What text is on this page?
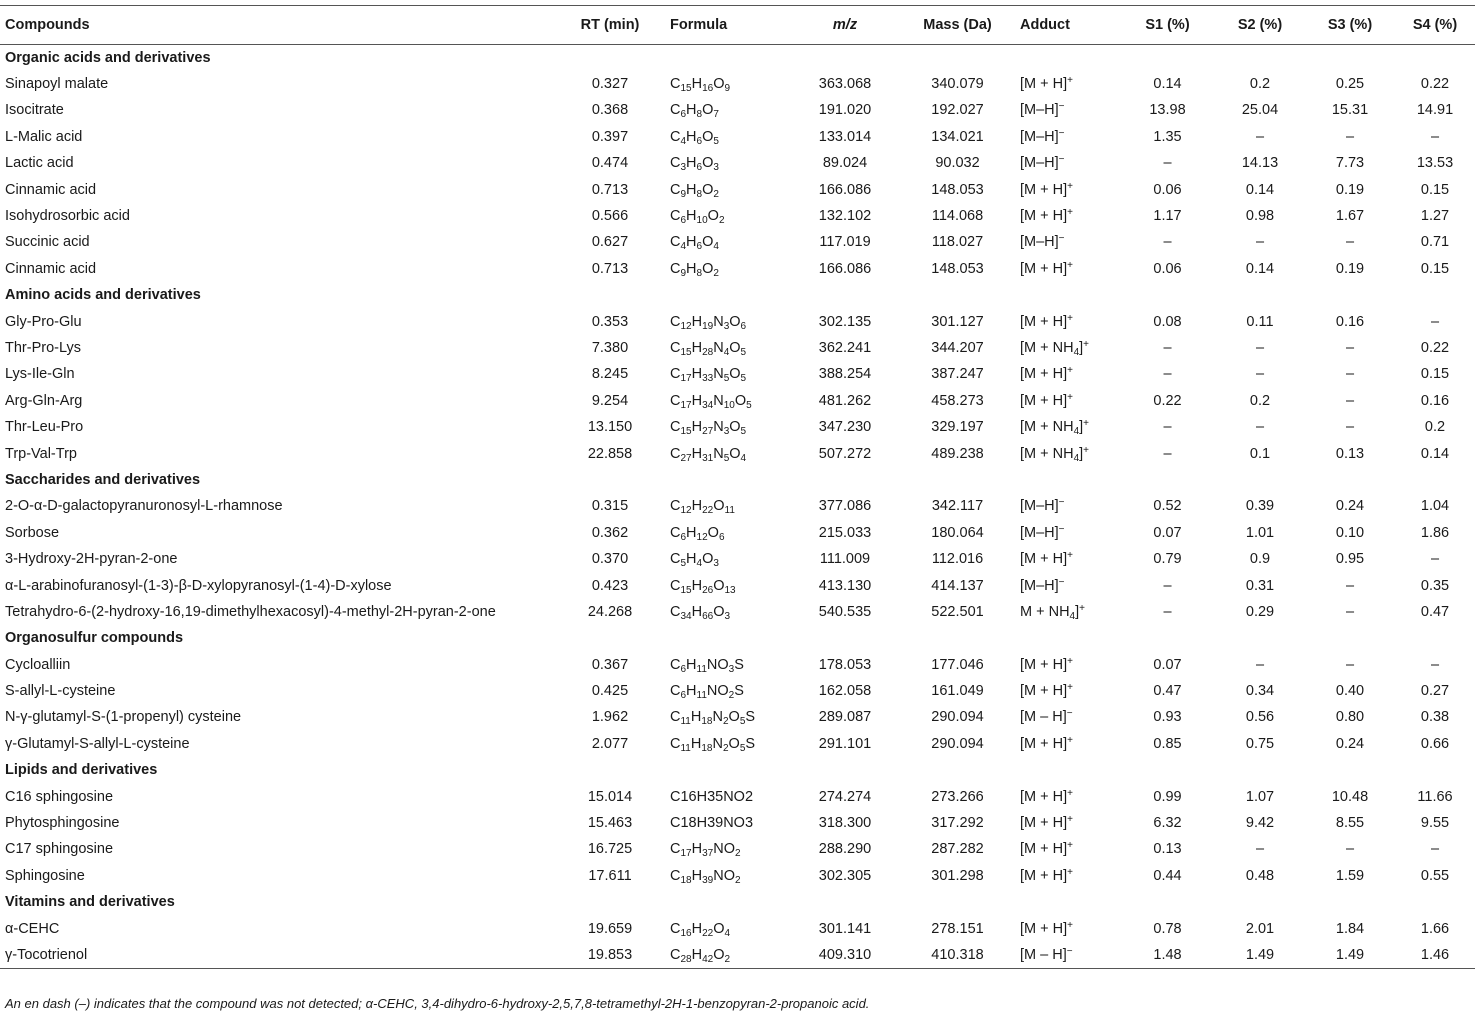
Compounds	RT (min)	Formula	m/z	Mass (Da)	Adduct	S1 (%)	S2 (%)	S3 (%)	S4 (%)
Organic acids and derivatives									
Sinapoyl malate	0.327	$C_{15}H_{16}O_9$	363.068	340.079	[M + H]+	0.14	0.2	0.25	0.22
Isocitrate	0.368	$C_6H_8O_7$	191.020	192.027	[M–H]−	13.98	25.04	15.31	14.91
L-Malic acid	0.397	$C_4H_6O_5$	133.014	134.021	[M–H]−	1.35	–	–	–
Lactic acid	0.474	$C_3H_6O_3$	89.024	90.032	[M–H]−	–	14.13	7.73	13.53
Cinnamic acid	0.713	$C_9H_8O_2$	166.086	148.053	[M + H]+	0.06	0.14	0.19	0.15
Isohydrosorbic acid	0.566	$C_6H_{10}O_2$	132.102	114.068	[M + H]+	1.17	0.98	1.67	1.27
Succinic acid	0.627	$C_4H_6O_4$	117.019	118.027	[M–H]−	–	–	–	0.71
Cinnamic acid	0.713	$C_9H_8O_2$	166.086	148.053	[M + H]+	0.06	0.14	0.19	0.15
Amino acids and derivatives									
Gly-Pro-Glu	0.353	$C_{12}H_{19}N_3O_6$	302.135	301.127	[M + H]+	0.08	0.11	0.16	–
Thr-Pro-Lys	7.380	$C_{15}H_{28}N_4O_5$	362.241	344.207	$[M + NH_4]^+$	–	–	–	0.22
Lys-Ile-Gln	8.245	$C_{17}H_{33}N_5O_5$	388.254	387.247	[M + H]+	–	–	–	0.15
Arg-Gln-Arg	9.254	$C_{17}H_{34}N_{10}O_5$	481.262	458.273	[M + H]+	0.22	0.2	–	0.16
Thr-Leu-Pro	13.150	$C_{15}H_{27}N_3O_5$	347.230	329.197	$[M + NH_4]^+$	–	–	–	0.2
Trp-Val-Trp	22.858	$C_{27}H_{31}N_5O_4$	507.272	489.238	$[M + NH_4]^+$	–	0.1	0.13	0.14
Saccharides and derivatives									
2-O-α-D-galactopyranuronosyl-L-rhamnose	0.315	$C_{12}H_{22}O_{11}$	377.086	342.117	[M–H]−	0.52	0.39	0.24	1.04
Sorbose	0.362	$C_6H_{12}O_6$	215.033	180.064	[M–H]−	0.07	1.01	0.10	1.86
3-Hydroxy-2H-pyran-2-one	0.370	$C_5H_4O_3$	111.009	112.016	[M + H]+	0.79	0.9	0.95	–
α-L-arabinofuranosyl-(1-3)-β-D-xylopyranosyl-(1-4)-D-xylose	0.423	$C_{15}H_{26}O_{13}$	413.130	414.137	[M–H]−	–	0.31	–	0.35
Tetrahydro-6-(2-hydroxy-16,19-dimethylhexacosyl)-4-methyl-2H-pyran-2-one	24.268	$C_{34}H_{66}O_3$	540.535	522.501	$M + NH_4]^+$	–	0.29	–	0.47
Organosulfur compounds									
Cycloalliin	0.367	$C_6H_{11}NO_3S$	178.053	177.046	[M + H]+	0.07	–	–	–
S-allyl-L-cysteine	0.425	$C_6H_{11}NO_2S$	162.058	161.049	[M + H]+	0.47	0.34	0.40	0.27
N-γ-glutamyl-S-(1-propenyl) cysteine	1.962	$C_{11}H_{18}N_2O_5S$	289.087	290.094	[M – H]−	0.93	0.56	0.80	0.38
γ-Glutamyl-S-allyl-L-cysteine	2.077	$C_{11}H_{18}N_2O_5S$	291.101	290.094	[M + H]+	0.85	0.75	0.24	0.66
Lipids and derivatives									
C16 sphingosine	15.014	C16H35NO2	274.274	273.266	[M + H]+	0.99	1.07	10.48	11.66
Phytosphingosine	15.463	C18H39NO3	318.300	317.292	[M + H]+	6.32	9.42	8.55	9.55
C17 sphingosine	16.725	$C_{17}H_{37}NO_2$	288.290	287.282	[M + H]+	0.13	–	–	–
Sphingosine	17.611	$C_{18}H_{39}NO_2$	302.305	301.298	[M + H]+	0.44	0.48	1.59	0.55
Vitamins and derivatives									
α-CEHC	19.659	$C_{16}H_{22}O_4$	301.141	278.151	[M + H]+	0.78	2.01	1.84	1.66
γ-Tocotrienol	19.853	$C_{28}H_{42}O_2$	409.310	410.318	[M – H]−	1.48	1.49	1.49	1.46
An en dash (–) indicates that the compound was not detected; α-CEHC, 3,4-dihydro-6-hydroxy-2,5,7,8-tetramethyl-2H-1-benzopyran-2-propanoic acid.
